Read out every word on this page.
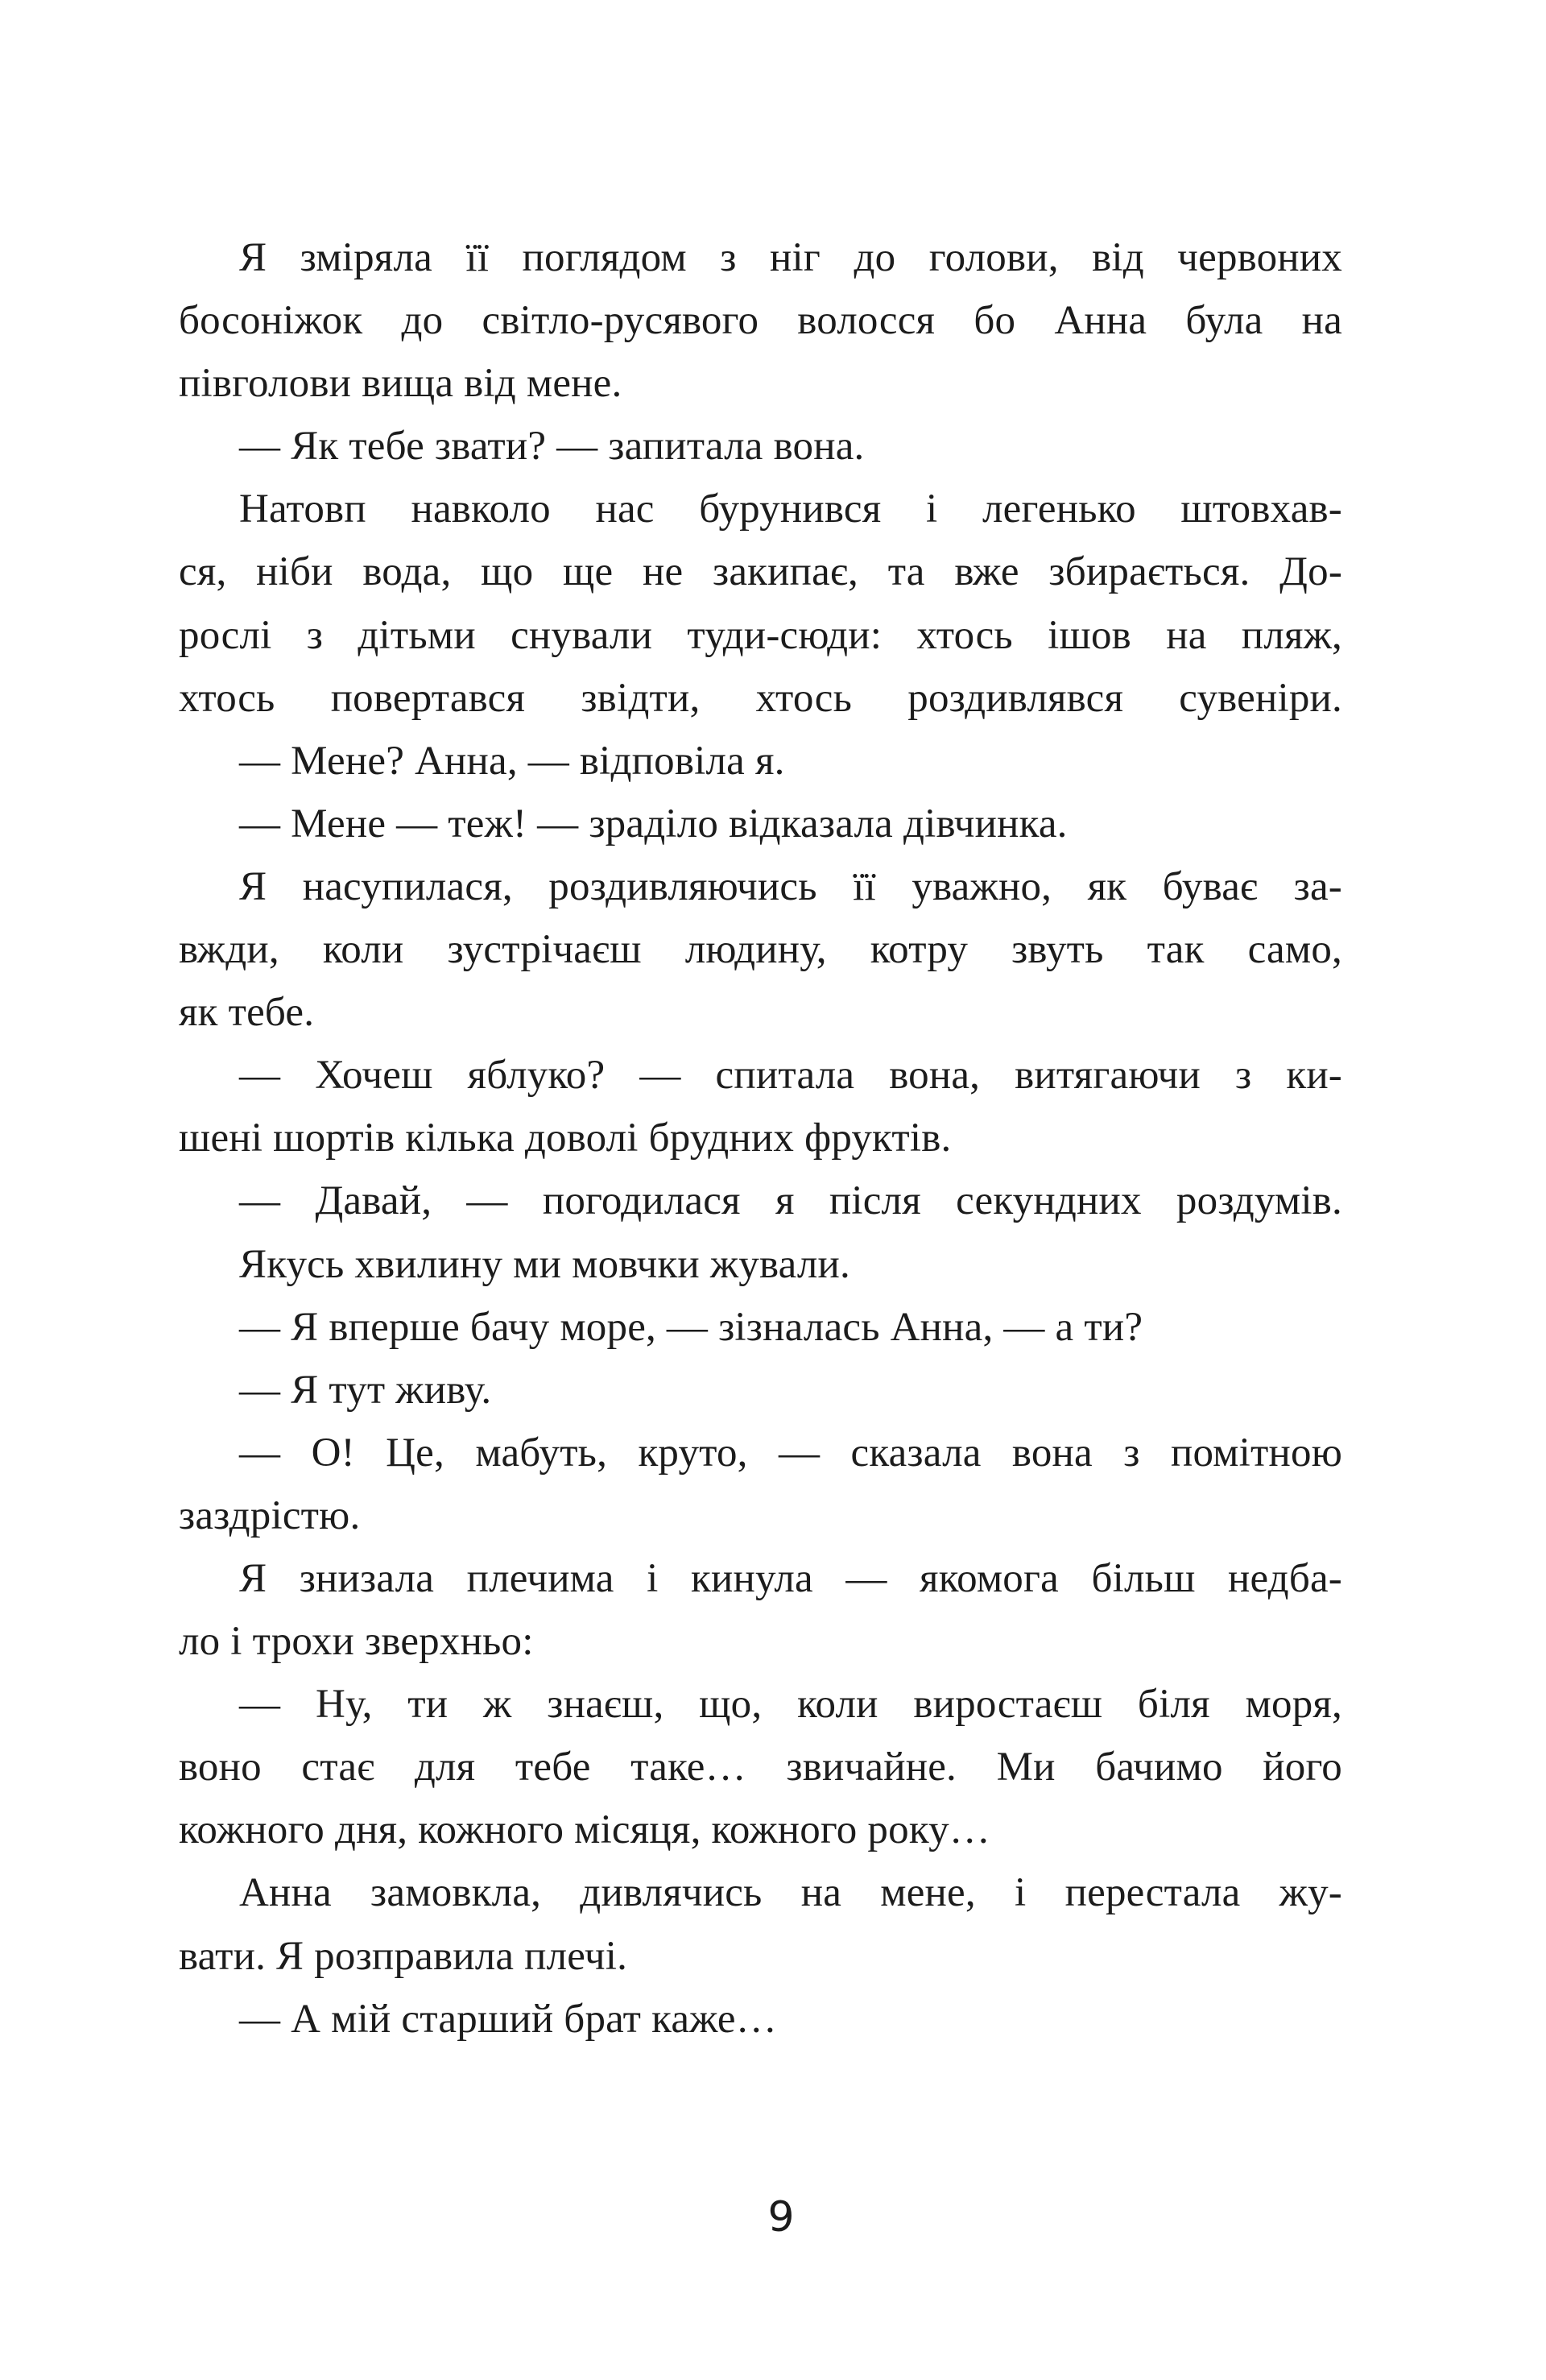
Я зміряла її поглядом з ніг до голови, від червоних
босоніжок до світло-русявого волосся бо Анна була на
півголови вища від мене.
— Як тебе звати? — запитала вона.
Натовп навколо нас бурунився і легенько штовхав-
ся, ніби вода, що ще не закипає, та вже збирається. До-
рослі з дітьми снували туди-сюди: хтось ішов на пляж,
хтось повертався звідти, хтось роздивлявся сувеніри.
— Мене? Анна, — відповіла я.
— Мене — теж! — зраділо відказала дівчинка.
Я насупилася, роздивляючись її уважно, як буває за-
вжди, коли зустрічаєш людину, котру звуть так само,
як тебе.
— Хочеш яблуко? — спитала вона, витягаючи з ки-
шені шортів кілька доволі брудних фруктів.
— Давай, — погодилася я після секундних роздумів.
Якусь хвилину ми мовчки жували.
— Я вперше бачу море, — зізналась Анна, — а ти?
— Я тут живу.
— О! Це, мабуть, круто, — сказала вона з помітною
заздрістю.
Я знизала плечима і кинула — якомога більш недба-
ло і трохи зверхньо:
— Ну, ти ж знаєш, що, коли виростаєш біля моря,
воно стає для тебе таке… звичайне. Ми бачимо його
кожного дня, кожного місяця, кожного року…
Анна замовкла, дивлячись на мене, і перестала жу-
вати. Я розправила плечі.
— А мій старший брат каже…
9
